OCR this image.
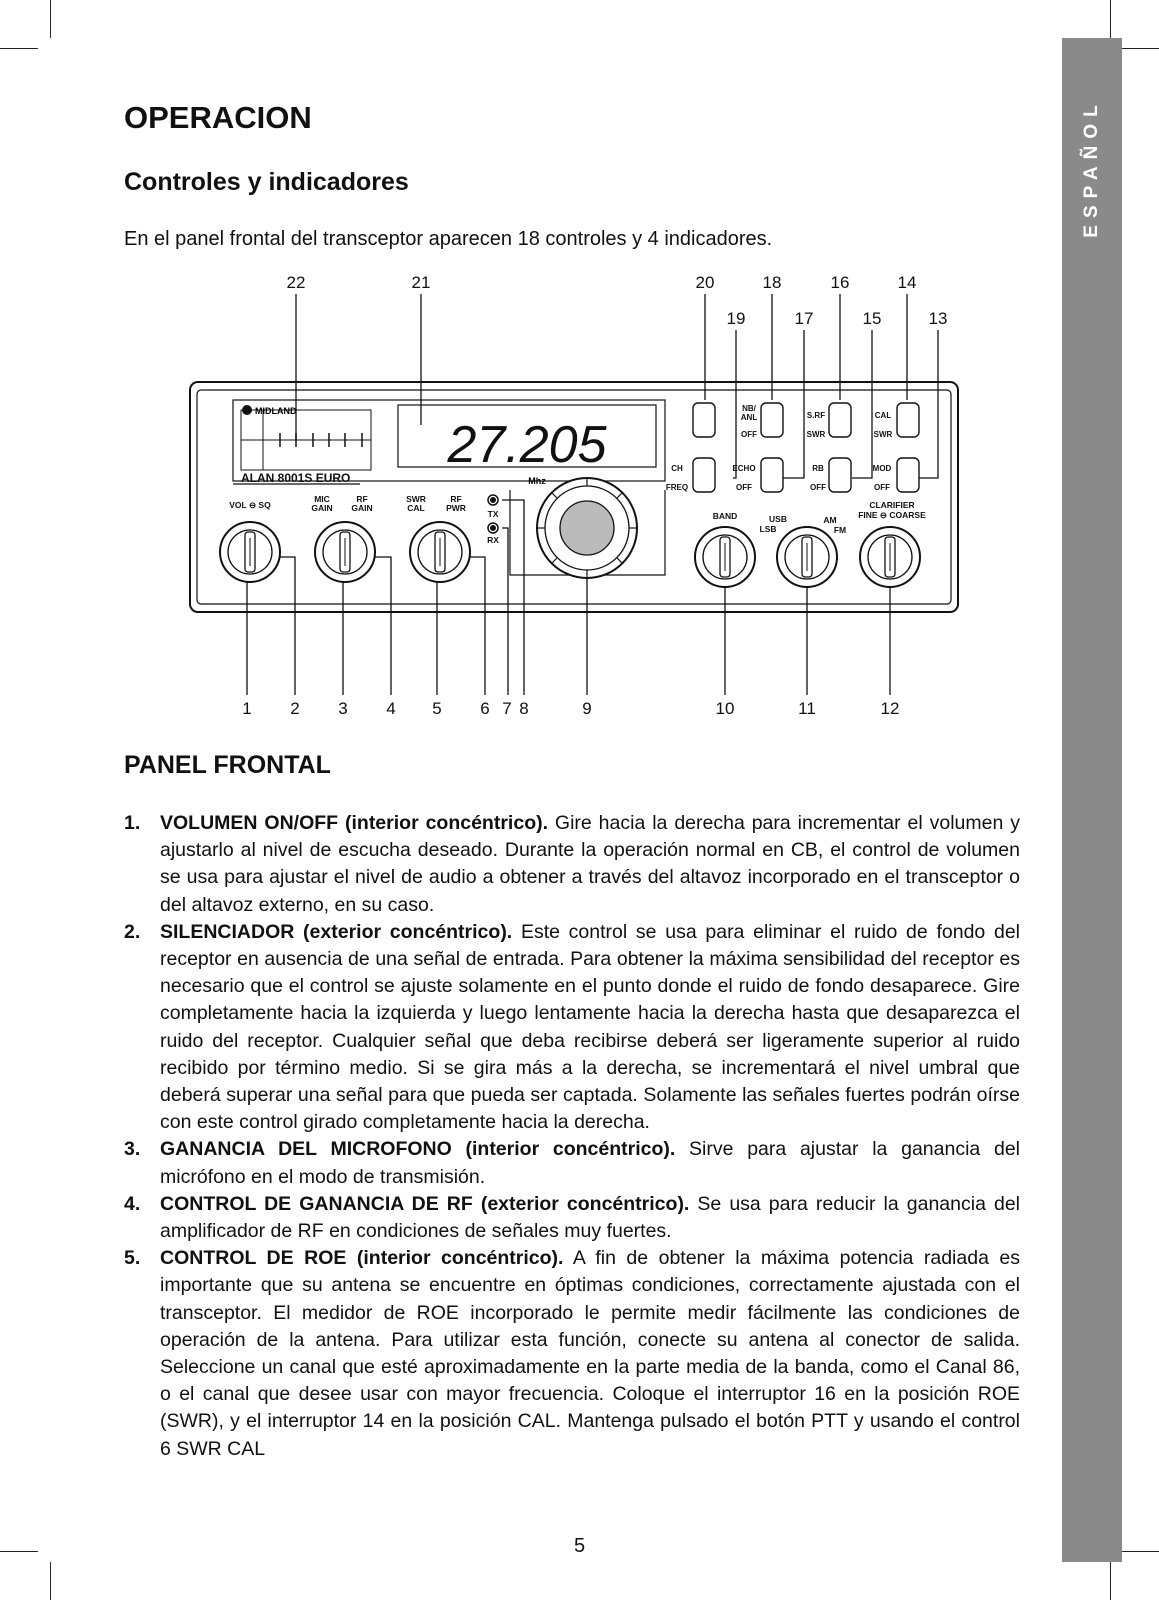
ESPAÑOL
OPERACION
Controles y indicadores

En el panel frontal del transceptor aparecen 18 controles y 4 indicadores.

22	21	20	18	16	14
19	17	15	13
1 2 3 4 5 6 7 8	9	10	11	12
27.205
Mhz
MIDLAND
ALAN 8001S EURO
VOL ⊖ SQ
MIC GAIN
RF GAIN
SWR CAL
RF PWR
TX
RX
BAND	USB LSB
AM FM
CLARIFIER
FINE ⊖ COARSE
NB/ ANL
OFF
S.RF
SWR
CAL
SWR
CH
FREQ
ECHO
OFF
RB
OFF
MOD
OFF
PANEL FRONTAL
1. VOLUMEN ON/OFF (interior concéntrico). Gire hacia la derecha para incrementar el volumen y ajustarlo al nivel de escucha deseado. Durante la operación normal en CB, el control de volumen se usa para ajustar el nivel de audio a obtener a través del altavoz incorporado en el transceptor o del altavoz externo, en su caso.
2. SILENCIADOR (exterior concéntrico). Este control se usa para eliminar el ruido de fondo del receptor en ausencia de una señal de entrada. Para obtener la máxima sensibilidad del receptor es necesario que el control se ajuste solamente en el punto donde el ruido de fondo desaparece. Gire completamente hacia la izquierda y luego lentamente hacia la derecha hasta que desaparezca el ruido del receptor. Cualquier señal que deba recibirse deberá ser ligeramente superior al ruido recibido por término medio. Si se gira más a la derecha, se incrementará el nivel umbral que deberá superar una señal para que pueda ser captada. Solamente las señales fuertes podrán oírse con este control girado completamente hacia la derecha.
3. GANANCIA DEL MICROFONO (interior concéntrico). Sirve para ajustar la ganancia del micrófono en el modo de transmisión.
4. CONTROL DE GANANCIA DE RF (exterior concéntrico). Se usa para reducir la ganancia del amplificador de RF en condiciones de señales muy fuertes.
5. CONTROL DE ROE (interior concéntrico). A fin de obtener la máxima potencia radiada es importante que su antena se encuentre en óptimas condiciones, correctamente ajustada con el transceptor. El medidor de ROE incorporado le permite medir fácilmente las condiciones de operación de la antena. Para utilizar esta función, conecte su antena al conector de salida. Seleccione un canal que esté aproximadamente en la parte media de la banda, como el Canal 86, o el canal que desee usar con mayor frecuencia. Coloque el interruptor 16 en la posición ROE (SWR), y el interruptor 14 en la posición CAL. Mantenga pulsado el botón PTT y usando el control 6 SWR CAL
5
